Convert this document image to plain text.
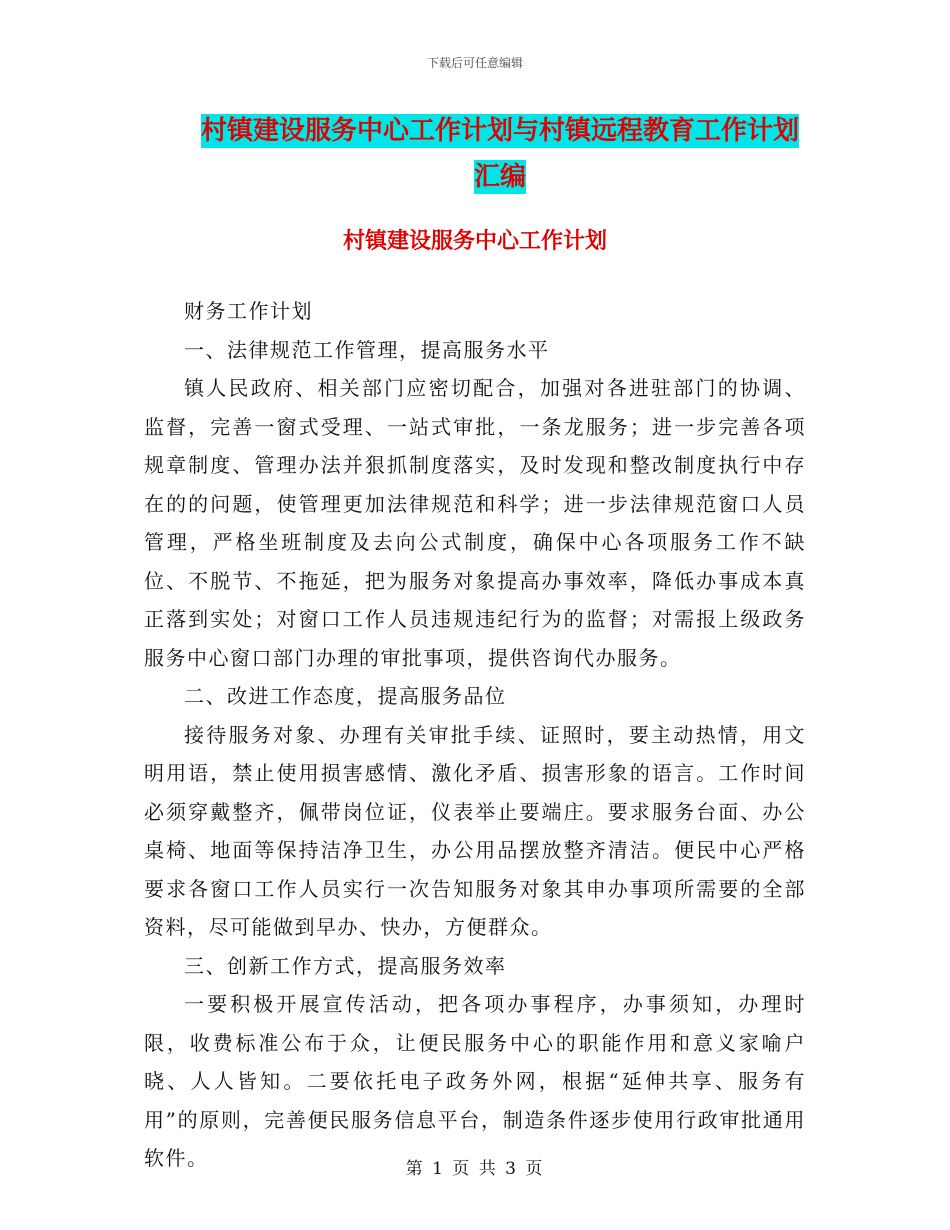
下载后可任意编辑
村镇建设服务中心工作计划与村镇远程教育工作计划
汇编
村镇建设服务中心工作计划

财务工作计划

一、法律规范工作管理，提高服务水平

镇人民政府、相关部门应密切配合，加强对各进驻部门的协调、监督，完善一窗式受理、一站式审批，一条龙服务；进一步完善各项规章制度、管理办法并狠抓制度落实，及时发现和整改制度执行中存在的的问题，使管理更加法律规范和科学；进一步法律规范窗口人员管理，严格坐班制度及去向公式制度，确保中心各项服务工作不缺位、不脱节、不拖延，把为服务对象提高办事效率，降低办事成本真正落到实处；对窗口工作人员违规违纪行为的监督；对需报上级政务服务中心窗口部门办理的审批事项，提供咨询代办服务。

二、改进工作态度，提高服务品位

接待服务对象、办理有关审批手续、证照时，要主动热情，用文明用语，禁止使用损害感情、激化矛盾、损害形象的语言。工作时间必须穿戴整齐，佩带岗位证，仪表举止要端庄。要求服务台面、办公桌椅、地面等保持洁净卫生，办公用品摆放整齐清洁。便民中心严格要求各窗口工作人员实行一次告知服务对象其申办事项所需要的全部资料，尽可能做到早办、快办，方便群众。

三、创新工作方式，提高服务效率

一要积极开展宣传活动，把各项办事程序，办事须知，办理时限，收费标准公布于众，让便民服务中心的职能作用和意义家喻户晓、人人皆知。二要依托电子政务外网，根据“延伸共享、服务有用”的原则，完善便民服务信息平台，制造条件逐步使用行政审批通用软件。	第 1 页 共 3 页
